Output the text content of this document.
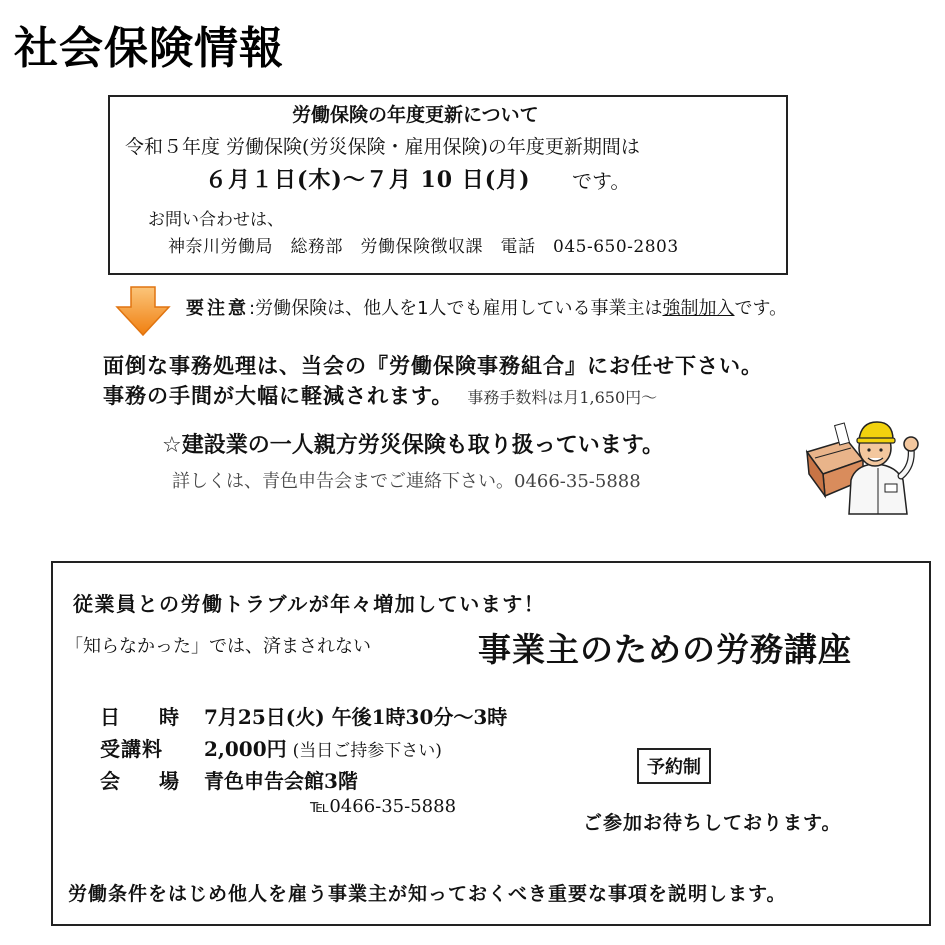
社会保険情報
労働保険の年度更新について
令和５年度 労働保険(労災保険・雇用保険)の年度更新期間は
６月１日(木)～７月 10 日(月) です。
お問い合わせは、
神奈川労働局　総務部　労働保険徴収課　電話　045-650-2803
要注意:労働保険は、他人を1人でも雇用している事業主は強制加入です。
面倒な事務処理は、当会の『労働保険事務組合』にお任せ下さい。
事務の手間が大幅に軽減されます。 事務手数料は月1,650円～
☆建設業の一人親方労災保険も取り扱っています。
詳しくは、青色申告会までご連絡下さい。0466-35-5888
従業員との労働トラブルが年々増加しています！
「知らなかった」では、済まされない	事業主のための労務講座
日 時 7月25日(火) 午後1時30分～3時
受講料 2,000円 (当日ご持参下さい)
会 場 青色申告会館3階
℡0466-35-5888
予約制
ご参加お待ちしております。
労働条件をはじめ他人を雇う事業主が知っておくべき重要な事項を説明します。
